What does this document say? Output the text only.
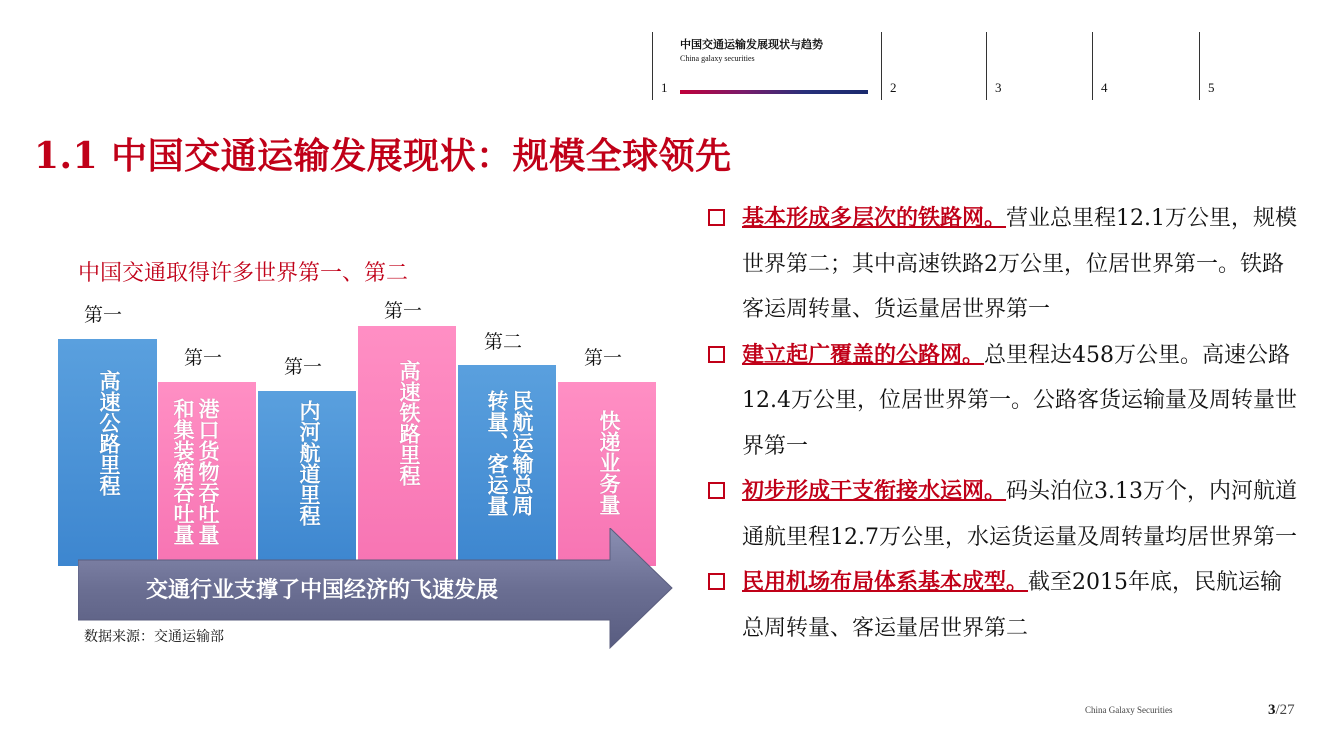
中国交通运输发展现状与趋势
China galaxy securities
1	2	3	4	5
1.1 中国交通运输发展现状：规模全球领先
中国交通取得许多世界第一、第二
第一
高速公路里程
第一
港口货物吞吐量和集装箱吞吐量
第一
内河航道里程
第一
高速铁路里程
第二
民航运输总周转量、客运量
第一
快递业务量
交通行业支撑了中国经济的飞速发展
数据来源：交通运输部
基本形成多层次的铁路网。营业总里程12.1万公里，规模世界第二；其中高速铁路2万公里，位居世界第一。铁路客运周转量、货运量居世界第一
建立起广覆盖的公路网。总里程达458万公里。高速公路12.4万公里，位居世界第一。公路客货运输量及周转量世界第一
初步形成干支衔接水运网。码头泊位3.13万个，内河航道通航里程12.7万公里，水运货运量及周转量均居世界第一
民用机场布局体系基本成型。截至2015年底，民航运输总周转量、客运量居世界第二
China Galaxy Securities	3/27
